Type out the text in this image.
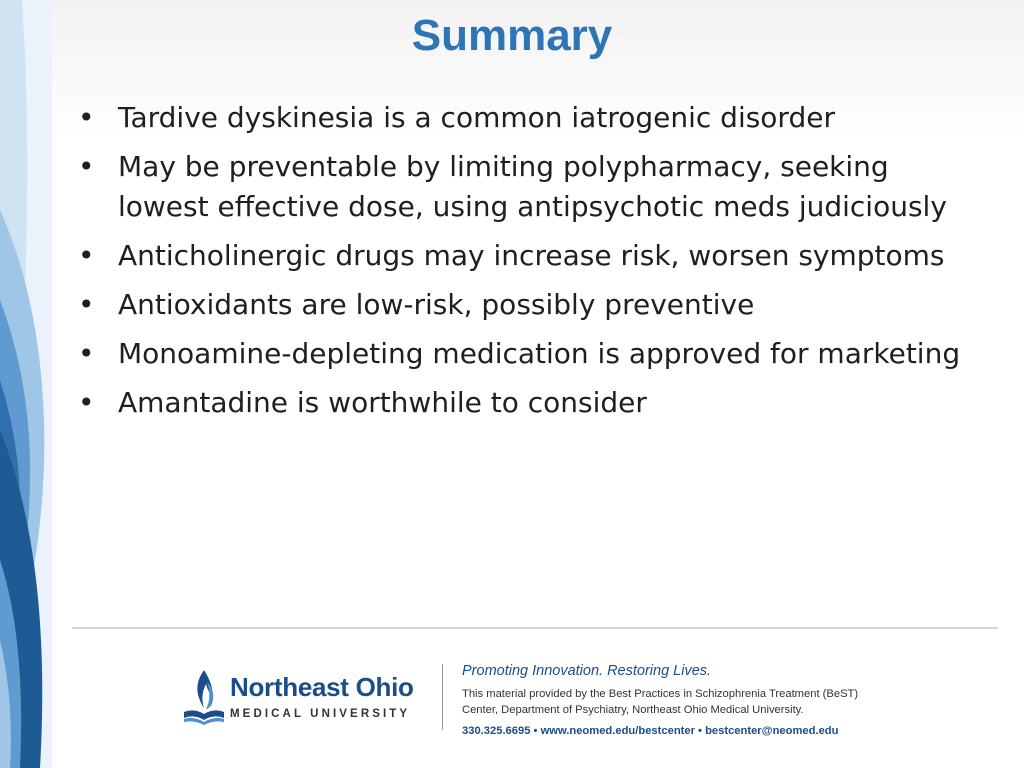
Summary
• Tardive dyskinesia is a common iatrogenic disorder
• May be preventable by limiting polypharmacy, seeking lowest effective dose, using antipsychotic meds judiciously
• Anticholinergic drugs may increase risk, worsen symptoms
• Antioxidants are low-risk, possibly preventive
• Monoamine-depleting medication is approved for marketing
• Amantadine is worthwhile to consider
Northeast Ohio
MEDICAL UNIVERSITY
Promoting Innovation. Restoring Lives.
This material provided by the Best Practices in Schizophrenia Treatment (BeST)
Center, Department of Psychiatry, Northeast Ohio Medical University.
330.325.6695 • www.neomed.edu/bestcenter • bestcenter@neomed.edu
